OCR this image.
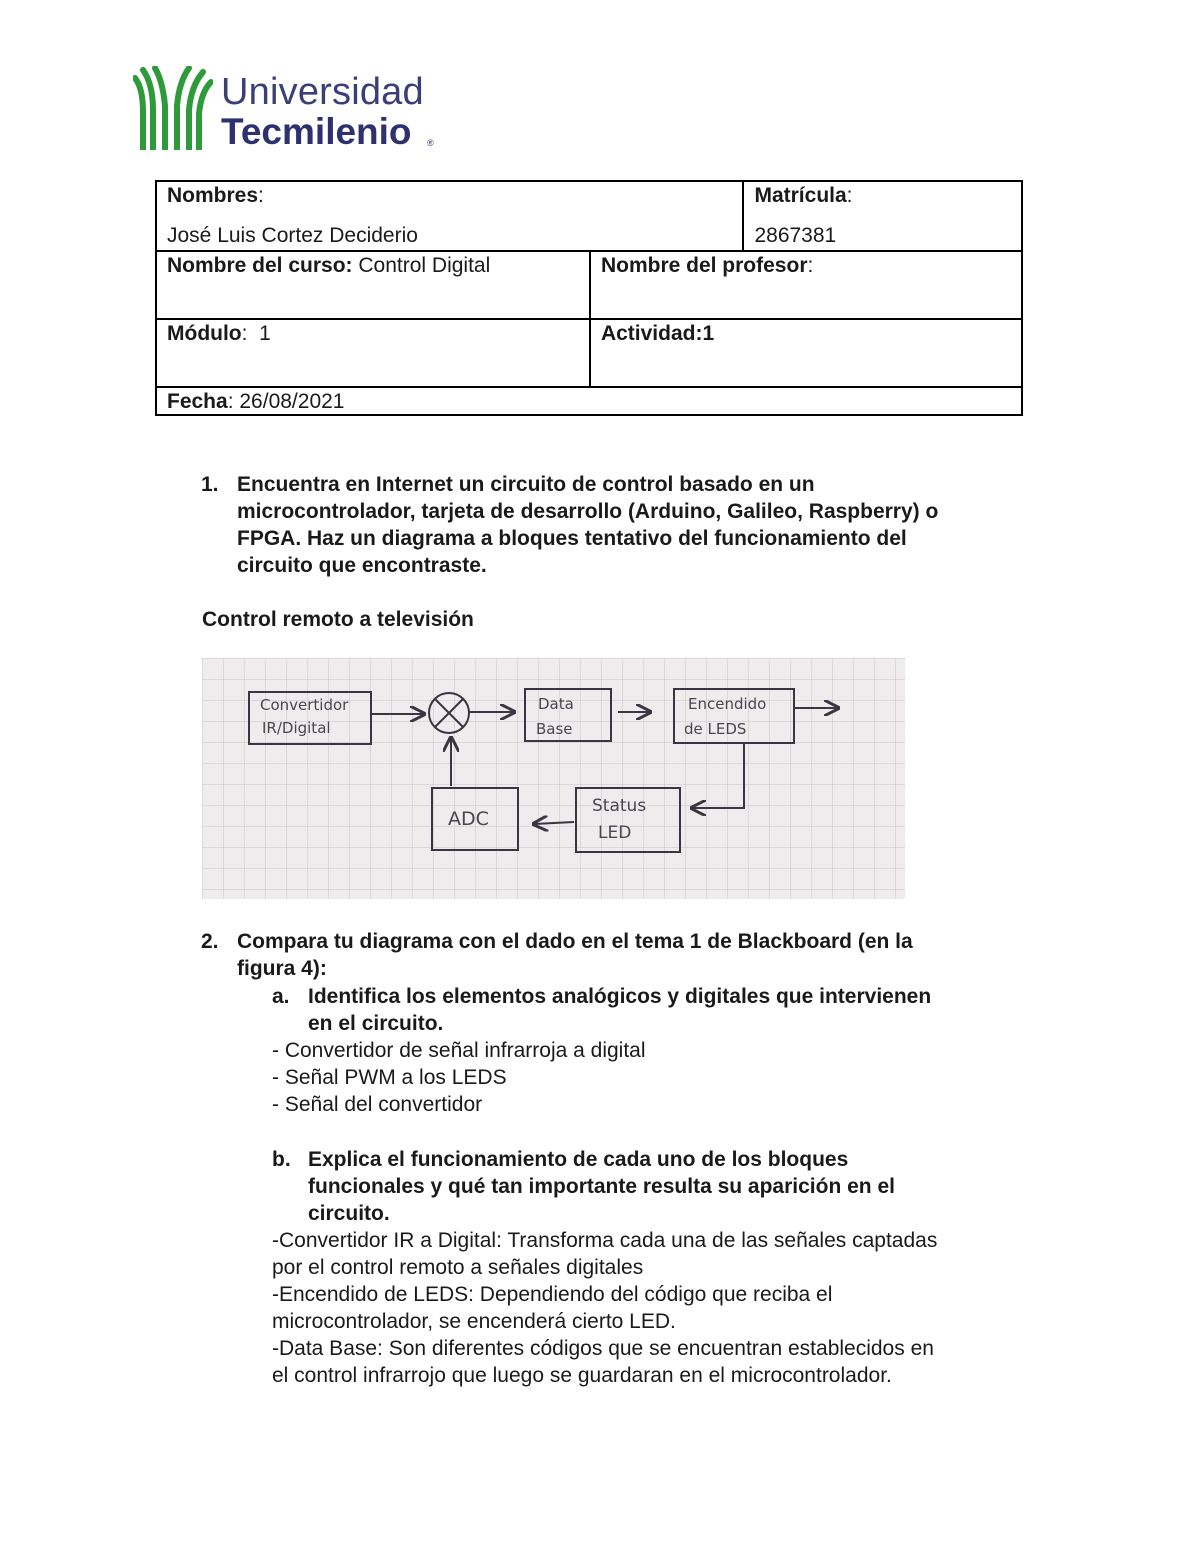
Universidad
Tecmilenio ®
Nombres:
José Luis Cortez Deciderio		Matrícula:
2867381

Nombre del curso: Control Digital	Nombre del profesor:	
Módulo:  1	Actividad:1	
Fecha: 26/08/2021		
1. Encuentra en Internet un circuito de control basado en un
microcontrolador, tarjeta de desarrollo (Arduino, Galileo, Raspberry) o
FPGA. Haz un diagrama a bloques tentativo del funcionamiento del
circuito que encontraste.
Control remoto a televisión
Convertidor
IR/Digital
Data
Base
Encendido
de LEDS
ADC
Status
LED
2. Compara tu diagrama con el dado en el tema 1 de Blackboard (en la
figura 4):
a. Identifica los elementos analógicos y digitales que intervienen
en el circuito.
- Convertidor de señal infrarroja a digital
- Señal PWM a los LEDS
- Señal del convertidor
b. Explica el funcionamiento de cada uno de los bloques
funcionales y qué tan importante resulta su aparición en el
circuito.
-Convertidor IR a Digital: Transforma cada una de las señales captadas
por el control remoto a señales digitales
-Encendido de LEDS: Dependiendo del código que reciba el
microcontrolador, se encenderá cierto LED.
-Data Base: Son diferentes códigos que se encuentran establecidos en
el control infrarrojo que luego se guardaran en el microcontrolador.
